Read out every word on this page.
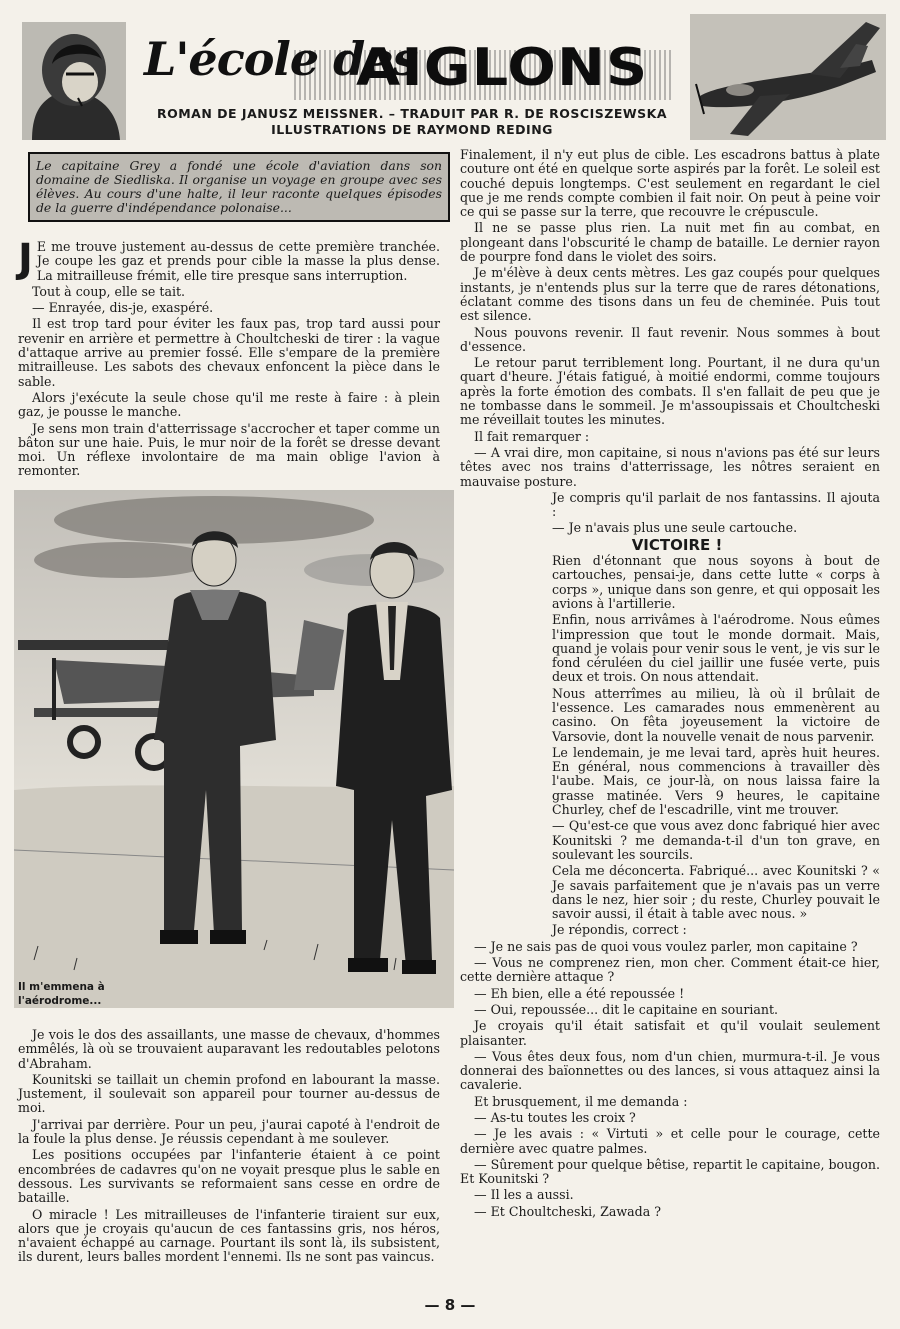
L'école des
AIGLONS
ROMAN DE JANUSZ MEISSNER. – TRADUIT PAR R. DE ROSCISZEWSKA
ILLUSTRATIONS DE RAYMOND REDING
Le capitaine Grey a fondé une école d'aviation dans son domaine de Siedliska. Il organise un voyage en groupe avec ses élèves. Au cours d'une halte, il leur raconte quelques épisodes de la guerre d'indépendance polonaise...

J E me trouve justement au-dessus de cette première tranchée. Je coupe les gaz et prends pour cible la masse la plus dense. La mitrailleuse frémit, elle tire presque sans interruption.

Tout à coup, elle se tait.

— Enrayée, dis-je, exaspéré.

Il est trop tard pour éviter les faux pas, trop tard aussi pour revenir en arrière et permettre à Choultcheski de tirer : la vague d'attaque arrive au premier fossé. Elle s'empare de la première mitrailleuse. Les sabots des chevaux enfoncent la pièce dans le sable.

Alors j'exécute la seule chose qu'il me reste à faire : à plein gaz, je pousse le manche.

Je sens mon train d'atterrissage s'accrocher et taper comme un bâton sur une haie. Puis, le mur noir de la forêt se dresse devant moi. Un réflexe involontaire de ma main oblige l'avion à remonter.

Il m'emmena à l'aérodrome...

Je vois le dos des assaillants, une masse de chevaux, d'hommes emmêlés, là où se trouvaient auparavant les redoutables pelotons d'Abraham.

Kounitski se taillait un chemin profond en labourant la masse. Justement, il soulevait son appareil pour tourner au-dessus de moi.

J'arrivai par derrière. Pour un peu, j'aurai capoté à l'endroit de la foule la plus dense. Je réussis cependant à me soulever.

Les positions occupées par l'infanterie étaient à ce point encombrées de cadavres qu'on ne voyait presque plus le sable en dessous. Les survivants se reformaient sans cesse en ordre de bataille.

O miracle ! Les mitrailleuses de l'infanterie tiraient sur eux, alors que je croyais qu'aucun de ces fantassins gris, nos héros, n'avaient échappé au carnage. Pourtant ils sont là, ils subsistent, ils durent, leurs balles mordent l'ennemi. Ils ne sont pas vaincus.

Finalement, il n'y eut plus de cible. Les escadrons battus à plate couture ont été en quelque sorte aspirés par la forêt. Le soleil est couché depuis longtemps. C'est seulement en regardant le ciel que je me rends compte combien il fait noir. On peut à peine voir ce qui se passe sur la terre, que recouvre le crépuscule.

Il ne se passe plus rien. La nuit met fin au combat, en plongeant dans l'obscurité le champ de bataille. Le dernier rayon de pourpre fond dans le violet des soirs.

Je m'élève à deux cents mètres. Les gaz coupés pour quelques instants, je n'entends plus sur la terre que de rares détonations, éclatant comme des tisons dans un feu de cheminée. Puis tout est silence.

Nous pouvons revenir. Il faut revenir. Nous sommes à bout d'essence.

Le retour parut terriblement long. Pourtant, il ne dura qu'un quart d'heure. J'étais fatigué, à moitié endormi, comme toujours après la forte émotion des combats. Il s'en fallait de peu que je ne tombasse dans le sommeil. Je m'assoupissais et Choultcheski me réveillait toutes les minutes.

Il fait remarquer :

— A vrai dire, mon capitaine, si nous n'avions pas été sur leurs têtes avec nos trains d'atterrissage, les nôtres seraient en mauvaise posture.

Je compris qu'il parlait de nos fantassins. Il ajouta :

— Je n'avais plus une seule cartouche.

VICTOIRE !

Rien d'étonnant que nous soyons à bout de cartouches, pensai-je, dans cette lutte « corps à corps », unique dans son genre, et qui opposait les avions à l'artillerie.

Enfin, nous arrivâmes à l'aérodrome. Nous eûmes l'impression que tout le monde dormait. Mais, quand je volais pour venir sous le vent, je vis sur le fond céruléen du ciel jaillir une fusée verte, puis deux et trois. On nous attendait.

Nous atterrîmes au milieu, là où il brûlait de l'essence. Les camarades nous emmenèrent au casino. On fêta joyeusement la victoire de Varsovie, dont la nouvelle venait de nous parvenir.

Le lendemain, je me levai tard, après huit heures. En général, nous commencions à travailler dès l'aube. Mais, ce jour-là, on nous laissa faire la grasse matinée. Vers 9 heures, le capitaine Churley, chef de l'escadrille, vint me trouver.

— Qu'est-ce que vous avez donc fabriqué hier avec Kounitski ? me demanda-t-il d'un ton grave, en soulevant les sourcils.

Cela me déconcerta. Fabriqué... avec Kounitski ? « Je savais parfaitement que je n'avais pas un verre dans le nez, hier soir ; du reste, Churley pouvait le savoir aussi, il était à table avec nous. »

Je répondis, correct :

— Je ne sais pas de quoi vous voulez parler, mon capitaine ?

— Vous ne comprenez rien, mon cher. Comment était-ce hier, cette dernière attaque ?

— Eh bien, elle a été repoussée !

— Oui, repoussée... dit le capitaine en souriant.

Je croyais qu'il était satisfait et qu'il voulait seulement plaisanter.

— Vous êtes deux fous, nom d'un chien, murmura-t-il. Je vous donnerai des baïonnettes ou des lances, si vous attaquez ainsi la cavalerie.

Et brusquement, il me demanda :

— As-tu toutes les croix ?

— Je les avais : « Virtuti » et celle pour le courage, cette dernière avec quatre palmes.

— Sûrement pour quelque bêtise, repartit le capitaine, bougon. Et Kounitski ?

— Il les a aussi.

— Et Choultcheski, Zawada ?

— 8 —
